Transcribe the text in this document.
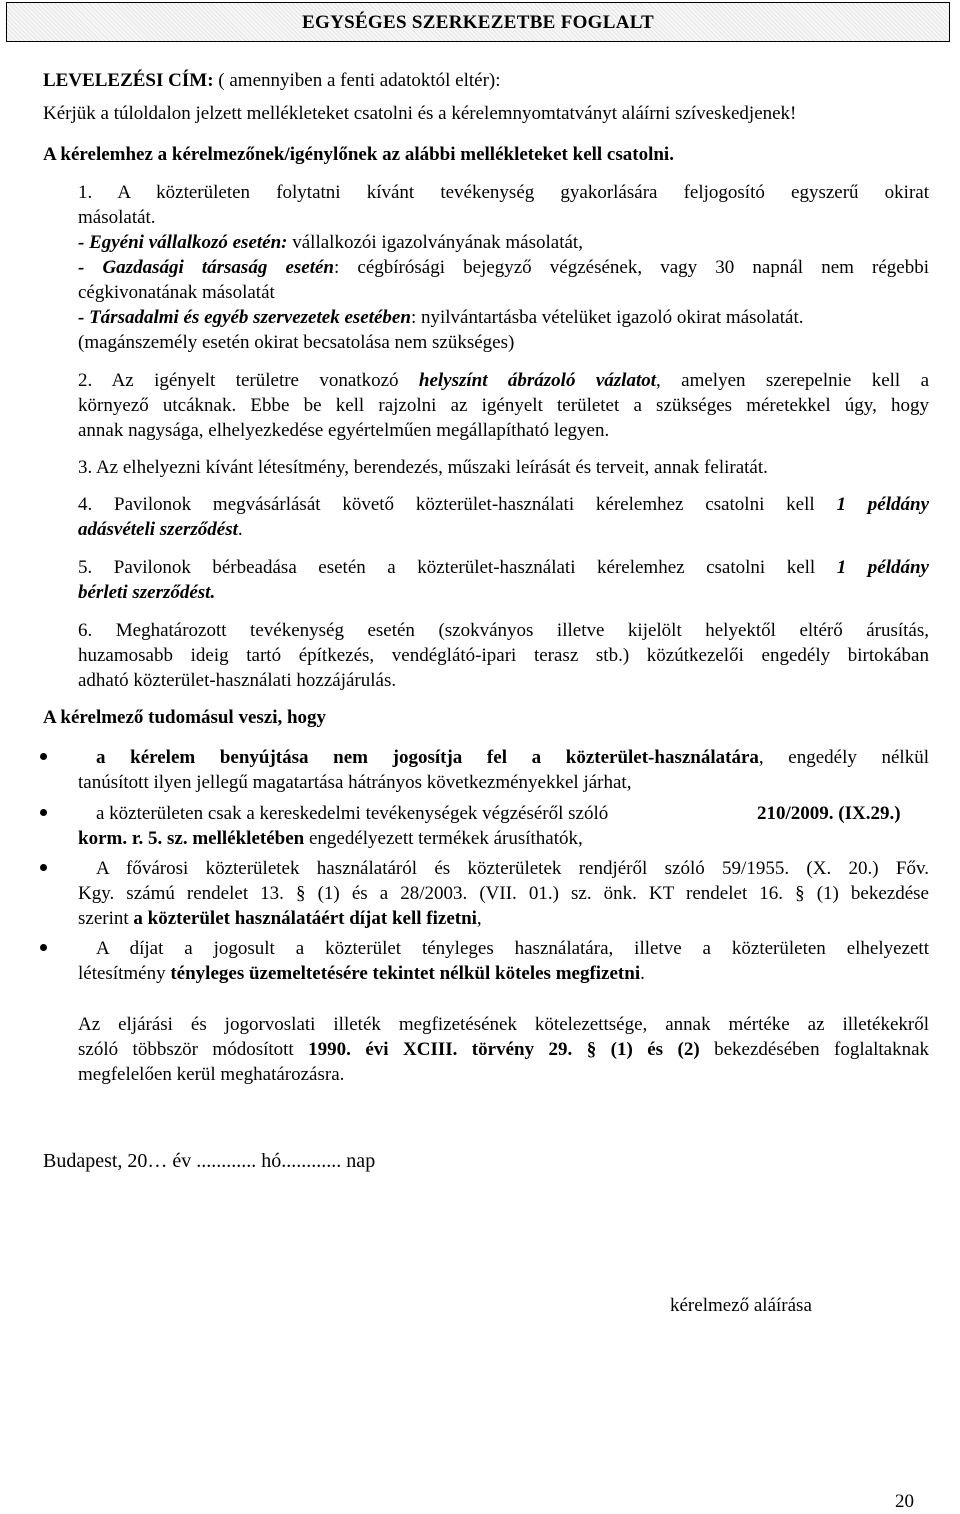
EGYSÉGES SZERKEZETBE FOGLALT
LEVELEZÉSI CÍM: ( amennyiben a fenti adatoktól eltér):
Kérjük a túloldalon jelzett mellékleteket csatolni és a kérelemnyomtatványt aláírni szíveskedjenek!
A kérelemhez a kérelmezőnek/igénylőnek az alábbi mellékleteket kell csatolni.
1. A közterületen folytatni kívánt tevékenység gyakorlására feljogosító egyszerű okirat
másolatát.
- Egyéni vállalkozó esetén: vállalkozói igazolványának másolatát,
- Gazdasági társaság esetén: cégbírósági bejegyző végzésének, vagy 30 napnál nem régebbi
cégkivonatának másolatát
- Társadalmi és egyéb szervezetek esetében: nyilvántartásba vételüket igazoló okirat másolatát.
(magánszemély esetén okirat becsatolása nem szükséges)
2. Az igényelt területre vonatkozó helyszínt ábrázoló vázlatot, amelyen szerepelnie kell a
környező utcáknak. Ebbe be kell rajzolni az igényelt területet a szükséges méretekkel úgy, hogy
annak nagysága, elhelyezkedése egyértelműen megállapítható legyen.
3. Az elhelyezni kívánt létesítmény, berendezés, műszaki leírását és terveit, annak feliratát.
4. Pavilonok megvásárlását követő közterület-használati kérelemhez csatolni kell 1 példány
adásvételi szerződést.
5. Pavilonok bérbeadása esetén a közterület-használati kérelemhez csatolni kell 1 példány
bérleti szerződést.
6. Meghatározott tevékenység esetén (szokványos illetve kijelölt helyektől eltérő árusítás,
huzamosabb ideig tartó építkezés, vendéglátó-ipari terasz stb.) közútkezelői engedély birtokában
adható közterület-használati hozzájárulás.
A kérelmező tudomásul veszi, hogy
a kérelem benyújtása nem jogosítja fel a közterület-használatára, engedély nélkül
tanúsított ilyen jellegű magatartása hátrányos következményekkel járhat,
a közterületen csak a kereskedelmi tevékenységek végzéséről szóló	210/2009. (IX.29.)
korm. r. 5. sz. mellékletében engedélyezett termékek árusíthatók,
A fővárosi közterületek használatáról és közterületek rendjéről szóló 59/1955. (X. 20.) Főv.
Kgy. számú rendelet 13. § (1) és a 28/2003. (VII. 01.) sz. önk. KT rendelet 16. § (1) bekezdése
szerint a közterület használatáért díjat kell fizetni,
A díjat a jogosult a közterület tényleges használatára, illetve a közterületen elhelyezett
létesítmény tényleges üzemeltetésére tekintet nélkül köteles megfizetni.
Az eljárási és jogorvoslati illeték megfizetésének kötelezettsége, annak mértéke az illetékekről
szóló többször módosított 1990. évi XCIII. törvény 29. § (1) és (2) bekezdésében foglaltaknak
megfelelően kerül meghatározásra.
Budapest, 20… év ............ hó............ nap
kérelmező aláírása
20
